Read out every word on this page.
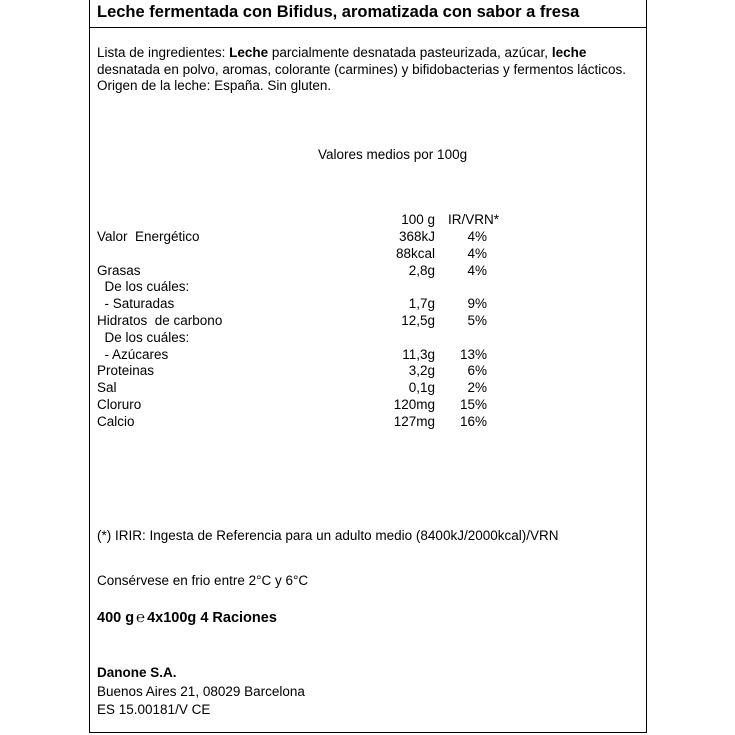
Leche fermentada con Bifidus, aromatizada con sabor a fresa
Lista de ingredientes: Leche parcialmente desnatada pasteurizada, azúcar, leche desnatada en polvo, aromas, colorante (carmines) y bifidobacterias y fermentos lácticos. Origen de la leche: España. Sin gluten.
Valores medios por 100g
100 g IR/VRN*
Valor  Energético	368kJ 4%
88kcal 4%
Grasas	2,8g 4%
De los cuáles:
- Saturadas	1,7g 9%
Hidratos  de carbono	12,5g 5%
De los cuáles:
- Azúcares	11,3g 13%
Proteinas	3,2g 6%
Sal	0,1g 2%
Cloruro	120mg 15%
Calcio	127mg 16%
(*) IRIR: Ingesta de Referencia para un adulto medio (8400kJ/2000kcal)/VRN
Consérvese en frio entre 2°C y 6°C
400 g ℮ 4x100g 4 Raciones
Danone S.A.
Buenos Aires 21, 08029 Barcelona
ES 15.00181/V CE
